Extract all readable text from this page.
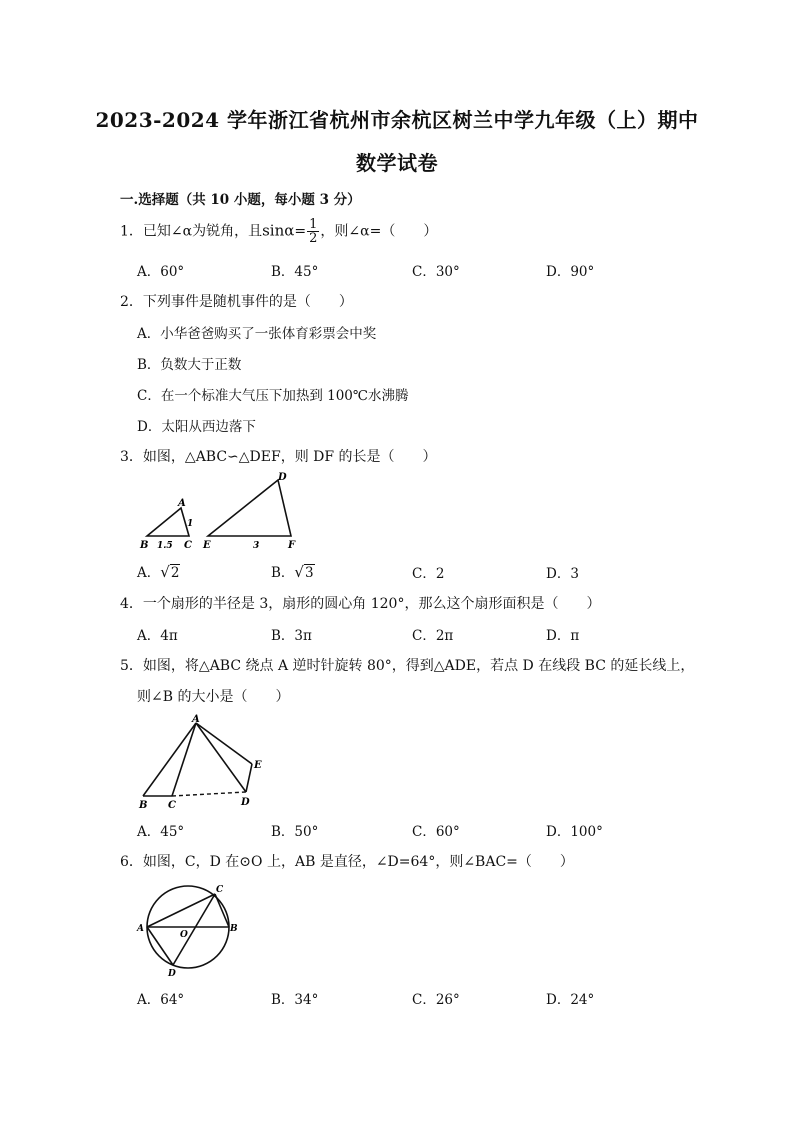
2023-2024 学年浙江省杭州市余杭区树兰中学九年级（上）期中
数学试卷
一.选择题（共 10 小题，每小题 3 分）
1．已知∠α为锐角，且$\sin\alpha= \frac{1}{2}$ ，则∠α=（　　）
A．60°	B．45°	C．30°	D．90°
2．下列事件是随机事件的是（　　）
A．小华爸爸购买了一张体育彩票会中奖
B．负数大于正数
C．在一个标准大气压下加热到 100℃水沸腾
D．太阳从西边落下
3．如图，△ABC∽△DEF，则 DF 的长是（　　）
A
B	C
1
1.5
D
E	F
3
A．√2	B．√3	C．2	D．3
4．一个扇形的半径是 3，扇形的圆心角 120°，那么这个扇形面积是（　　）
A．4π	B．3π	C．2π	D．π
5．如图，将△ABC 绕点 A 逆时针旋转 80°，得到△ADE，若点 D 在线段 BC 的延长线上，
则∠B 的大小是（　　）
A
B C	D
E
A．45°	B．50°	C．60°	D．100°
6．如图，C，D 在⊙O 上，AB 是直径，∠D=64°，则∠BAC=（　　）
A	B
C
D
O
A．64°	B．34°	C．26°	D．24°
